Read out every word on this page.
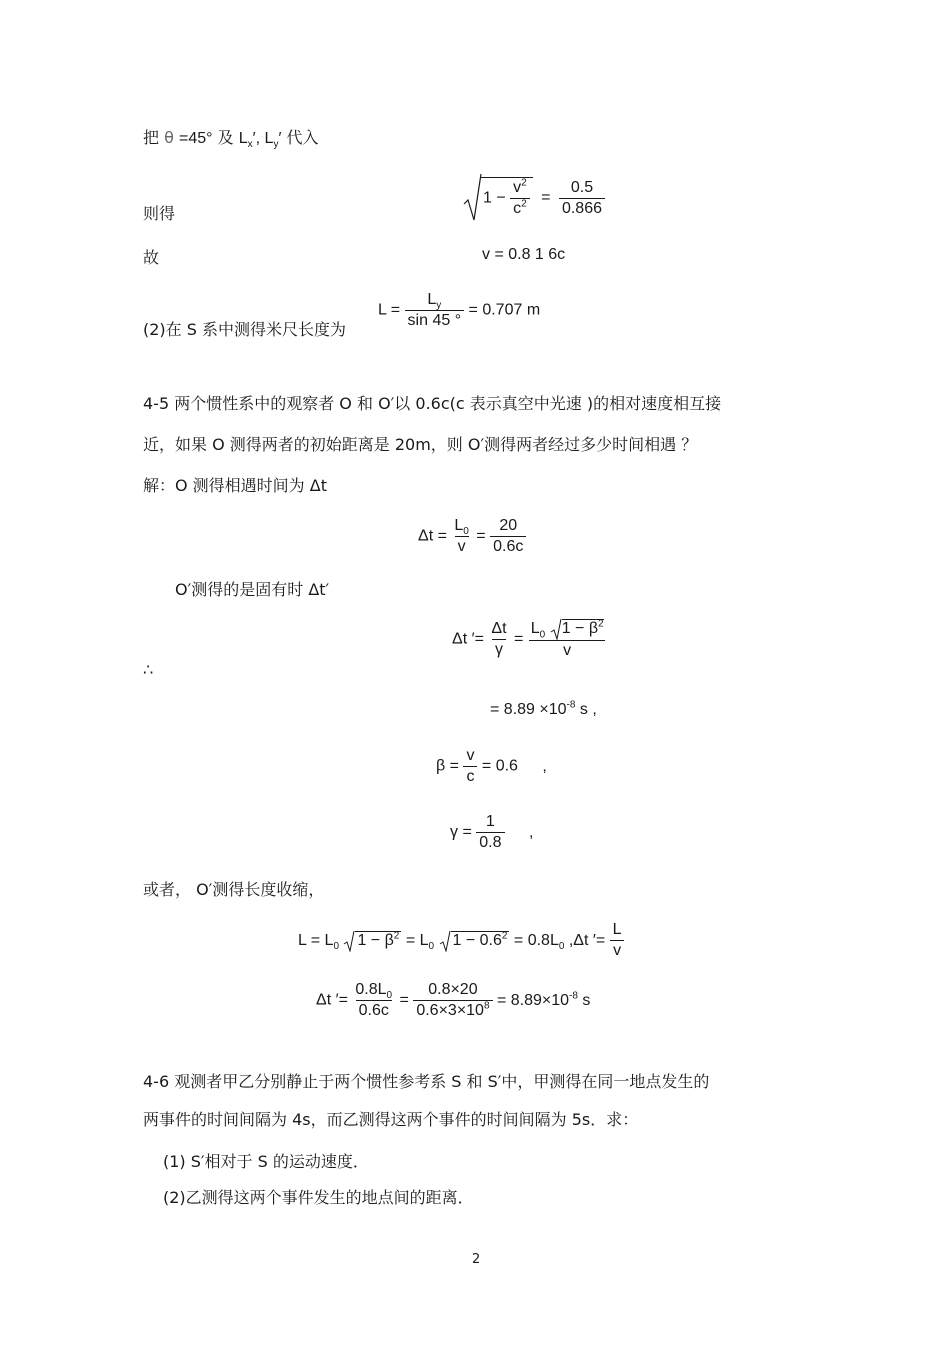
把 θ =45° 及 $L_x'$, $L_y'$ 代入
则得
$1 - \frac{v^2}{c^2} = \frac{0.5}{0.866}$
故	v = 0.8 1 6c
(2)在 S 系中测得米尺长度为
$L = \frac{L_y}{\sin 45 ^\circ} = 0.707$ m
4-5 两个惯性系中的观察者 O 和 O′以 0.6c(c 表示真空中光速 )的相对速度相互接
近，如果 O 测得两者的初始距离是 20m，则 O′测得两者经过多少时间相遇 ？
解：O 测得相遇时间为 Δt
$\Delta t = \frac{L_0}{v} = \frac{20}{0.6c}$
O′测得的是固有时 Δt′
∴
Δt ′= $\frac{\Delta t}{\gamma} = \frac{L_0 1 - \beta^2}{v}$
= $8.89 \times 10^{-8}$ s ,
$\beta = \frac{v}{c} = 0.6$ ,
$\gamma = \frac{1}{0.8}$ ,
或者， O′测得长度收缩，
$L = L_0$ $1 - \beta^2 = L_0$ $1 - 0.6^2 = 0.8L_0$ ,Δt ′= $\frac{L}{v}$
Δt ′= $\frac{0.8L_0}{0.6c} = \frac{0.8\times 20}{0.6\times 3\times 10^8} = 8.89\times 10^{-8}$ s
4-6 观测者甲乙分别静止于两个惯性参考系 S 和 S′中，甲测得在同一地点发生的
两事件的时间间隔为 4s，而乙测得这两个事件的时间间隔为 5s．求：
(1) S′相对于 S 的运动速度．
(2)乙测得这两个事件发生的地点间的距离．
2
